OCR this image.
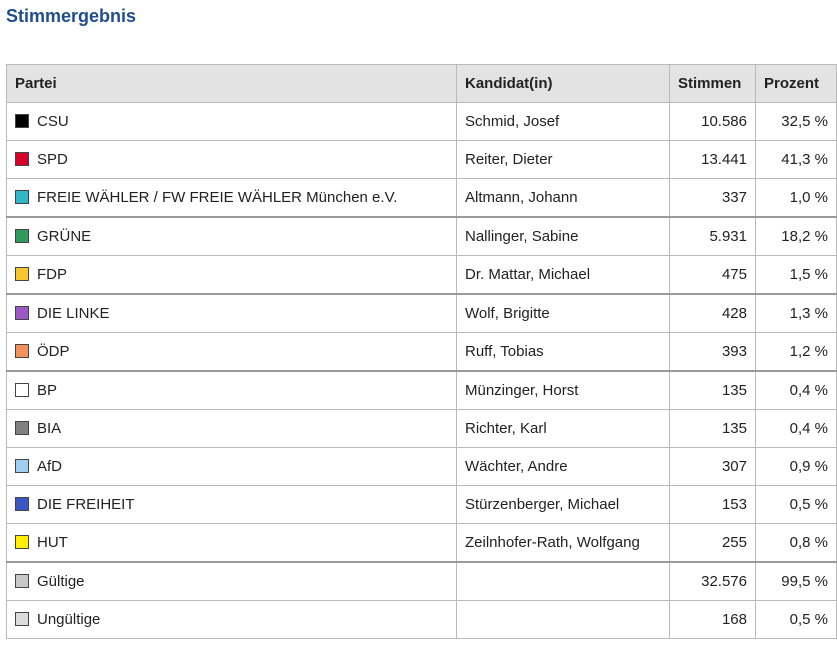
Stimmergebnis
Partei	Kandidat(in)	Stimmen	Prozent
CSU	Schmid, Josef	10.586	32,5 %
SPD	Reiter, Dieter	13.441	41,3 %
FREIE WÄHLER / FW FREIE WÄHLER München e.V.	Altmann, Johann	337	1,0 %
GRÜNE	Nallinger, Sabine	5.931	18,2 %
FDP	Dr. Mattar, Michael	475	1,5 %
DIE LINKE	Wolf, Brigitte	428	1,3 %
ÖDP	Ruff, Tobias	393	1,2 %
BP	Münzinger, Horst	135	0,4 %
BIA	Richter, Karl	135	0,4 %
AfD	Wächter, Andre	307	0,9 %
DIE FREIHEIT	Stürzenberger, Michael	153	0,5 %
HUT	Zeilnhofer-Rath, Wolfgang	255	0,8 %
Gültige		32.576	99,5 %
Ungültige		168	0,5 %
